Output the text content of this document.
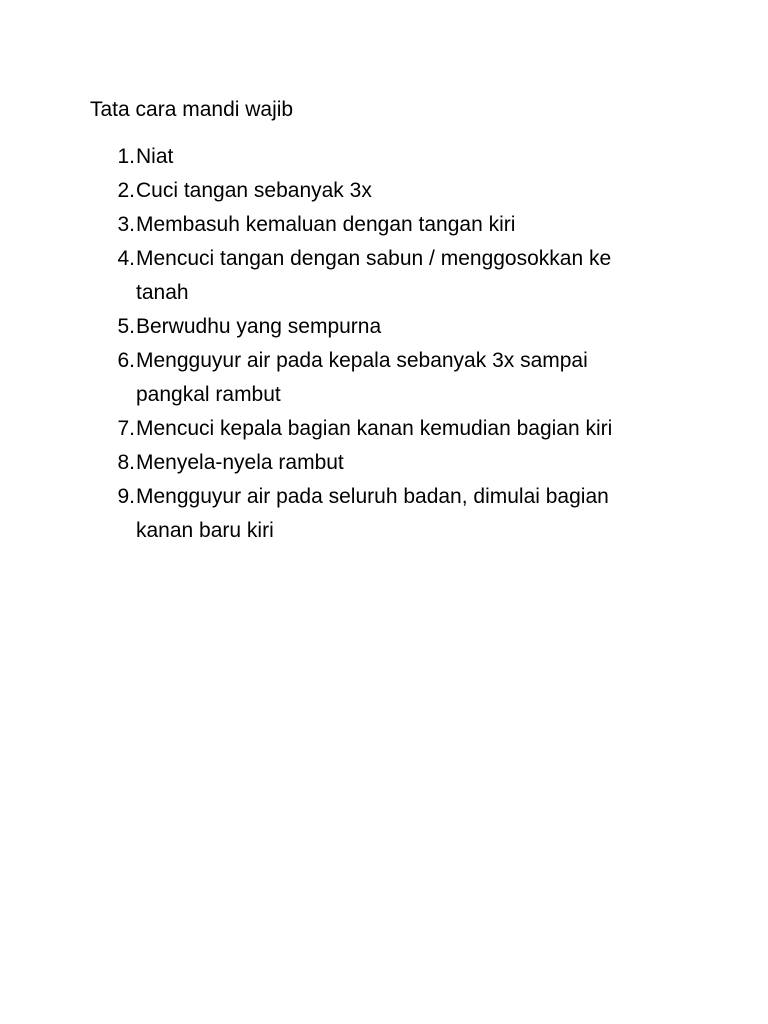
Tata cara mandi wajib
1. Niat
2. Cuci tangan sebanyak 3x
3. Membasuh kemaluan dengan tangan kiri
4. Mencuci tangan dengan sabun / menggosokkan ke tanah
5. Berwudhu yang sempurna
6. Mengguyur air pada kepala sebanyak 3x sampai pangkal rambut
7. Mencuci kepala bagian kanan kemudian bagian kiri
8. Menyela-nyela rambut
9. Mengguyur air pada seluruh badan, dimulai bagian kanan baru kiri
